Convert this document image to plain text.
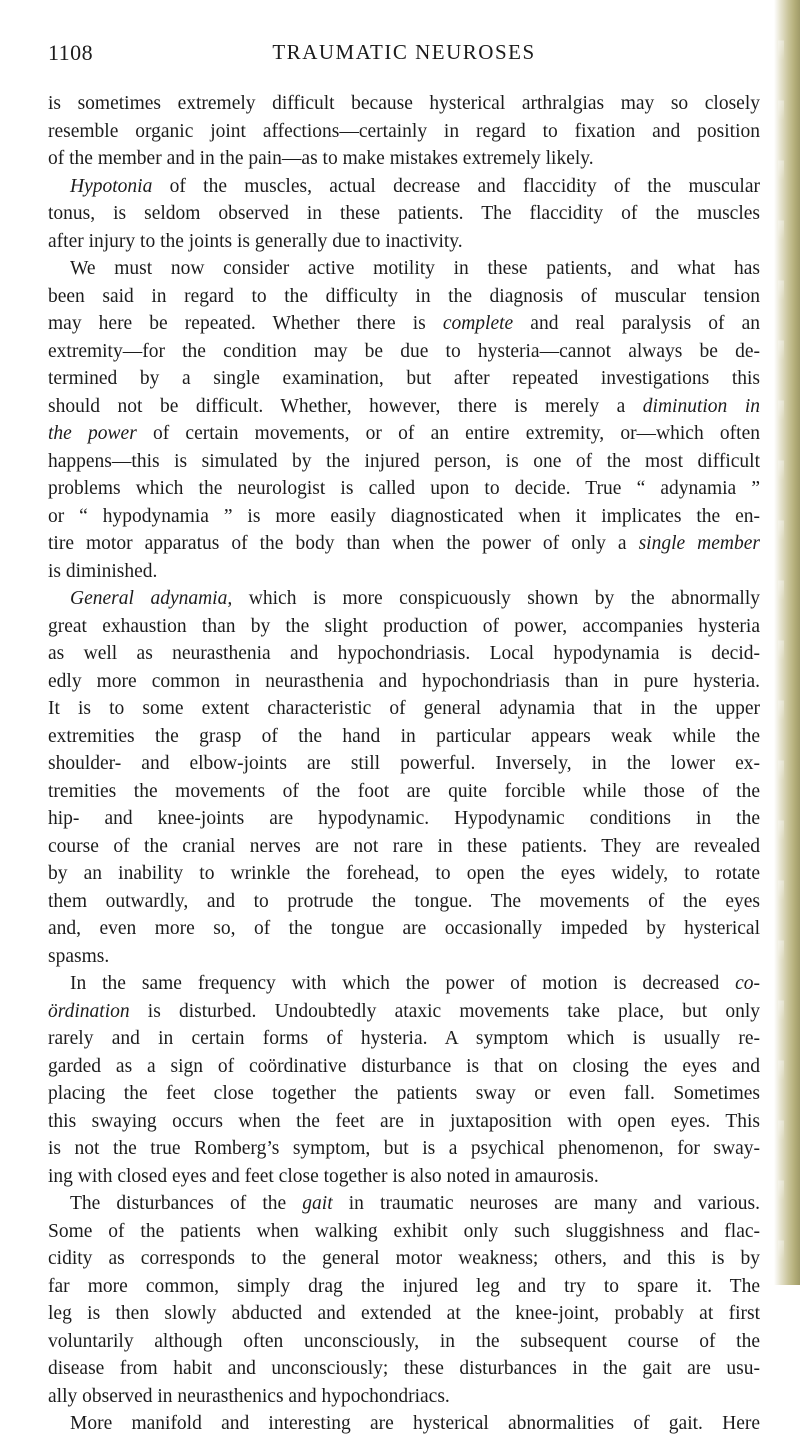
1108	TRAUMATIC NEUROSES
is sometimes extremely difficult because hysterical arthralgias may so closely
resemble organic joint affections—certainly in regard to fixation and position
of the member and in the pain—as to make mistakes extremely likely.
Hypotonia of the muscles, actual decrease and flaccidity of the muscular
tonus, is seldom observed in these patients. The flaccidity of the muscles
after injury to the joints is generally due to inactivity.
We must now consider active motility in these patients, and what has
been said in regard to the difficulty in the diagnosis of muscular tension
may here be repeated. Whether there is complete and real paralysis of an
extremity—for the condition may be due to hysteria—cannot always be de-
termined by a single examination, but after repeated investigations this
should not be difficult. Whether, however, there is merely a diminution in
the power of certain movements, or of an entire extremity, or—which often
happens—this is simulated by the injured person, is one of the most difficult
problems which the neurologist is called upon to decide. True “ adynamia ”
or “ hypodynamia ” is more easily diagnosticated when it implicates the en-
tire motor apparatus of the body than when the power of only a single member
is diminished.
General adynamia, which is more conspicuously shown by the abnormally
great exhaustion than by the slight production of power, accompanies hysteria
as well as neurasthenia and hypochondriasis. Local hypodynamia is decid-
edly more common in neurasthenia and hypochondriasis than in pure hysteria.
It is to some extent characteristic of general adynamia that in the upper
extremities the grasp of the hand in particular appears weak while the
shoulder- and elbow-joints are still powerful. Inversely, in the lower ex-
tremities the movements of the foot are quite forcible while those of the
hip- and knee-joints are hypodynamic. Hypodynamic conditions in the
course of the cranial nerves are not rare in these patients. They are revealed
by an inability to wrinkle the forehead, to open the eyes widely, to rotate
them outwardly, and to protrude the tongue. The movements of the eyes
and, even more so, of the tongue are occasionally impeded by hysterical
spasms.
In the same frequency with which the power of motion is decreased co-
ördination is disturbed. Undoubtedly ataxic movements take place, but only
rarely and in certain forms of hysteria. A symptom which is usually re-
garded as a sign of coördinative disturbance is that on closing the eyes and
placing the feet close together the patients sway or even fall. Sometimes
this swaying occurs when the feet are in juxtaposition with open eyes. This
is not the true Romberg’s symptom, but is a psychical phenomenon, for sway-
ing with closed eyes and feet close together is also noted in amaurosis.
The disturbances of the gait in traumatic neuroses are many and various.
Some of the patients when walking exhibit only such sluggishness and flac-
cidity as corresponds to the general motor weakness; others, and this is by
far more common, simply drag the injured leg and try to spare it. The
leg is then slowly abducted and extended at the knee-joint, probably at first
voluntarily although often unconsciously, in the subsequent course of the
disease from habit and unconsciously; these disturbances in the gait are usu-
ally observed in neurasthenics and hypochondriacs.
More manifold and interesting are hysterical abnormalities of gait. Here
